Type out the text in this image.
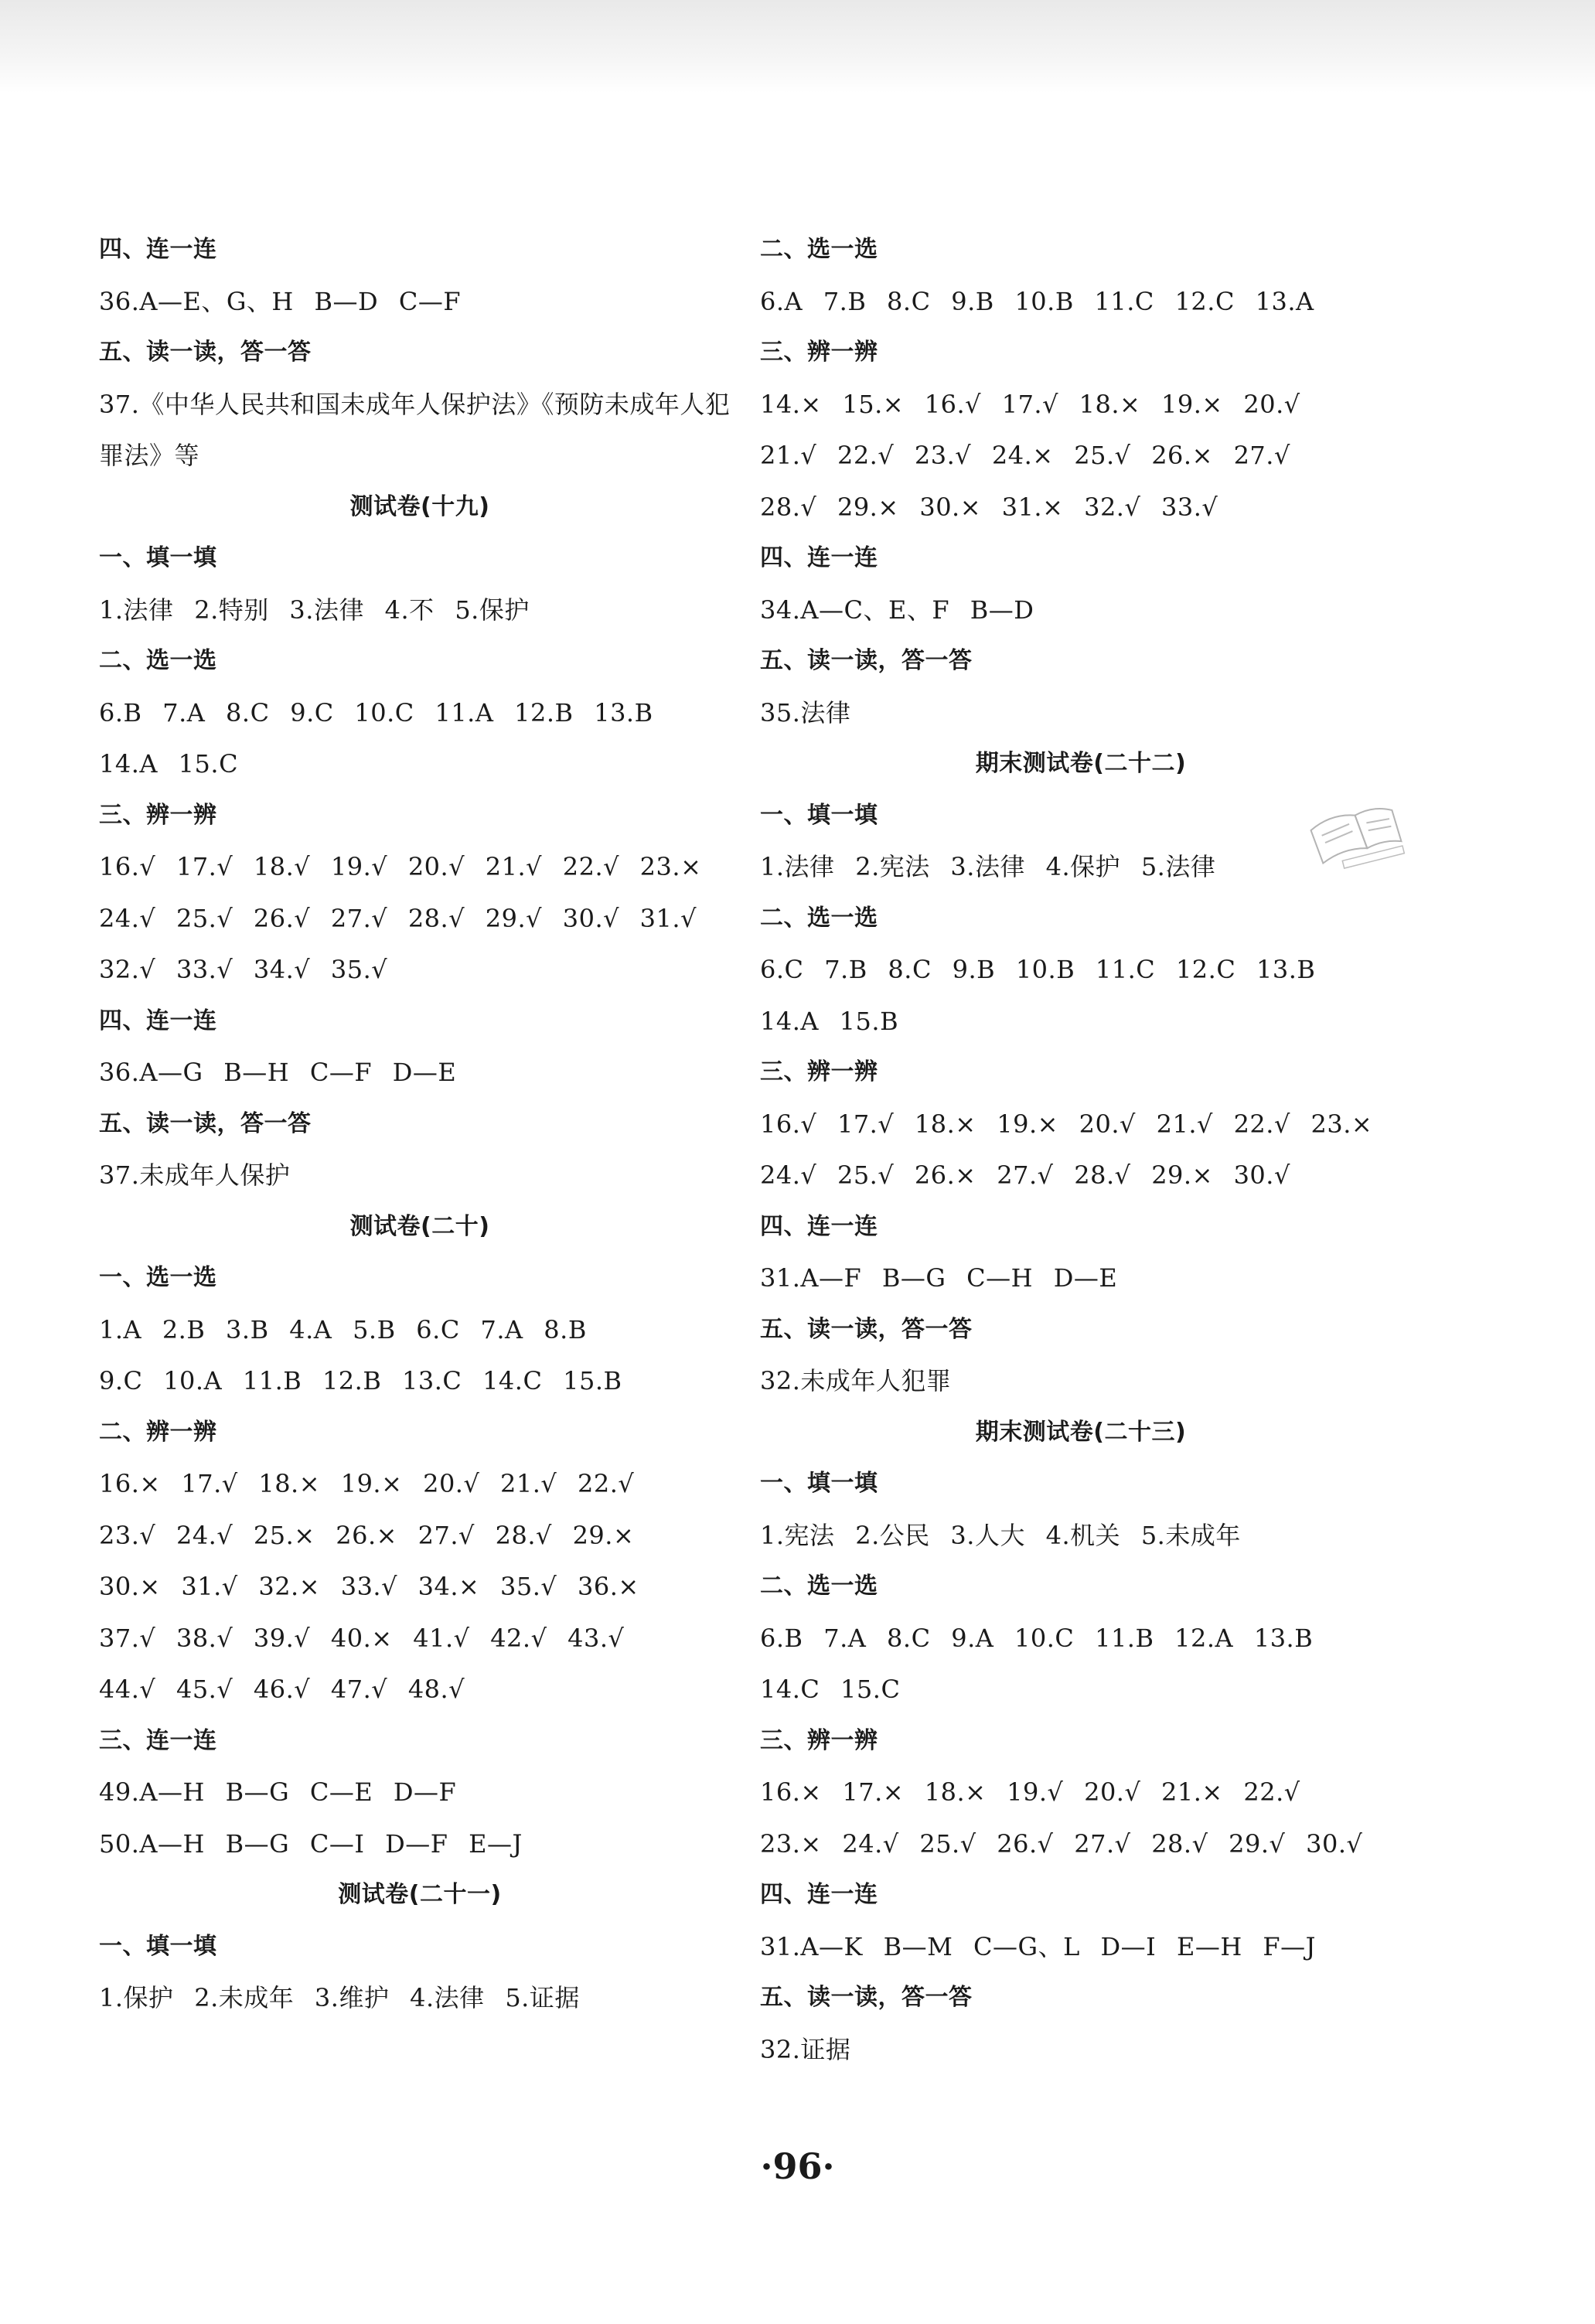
四、连一连
36.A—E、G、H B—D C—F
五、读一读，答一答
37.《中华人民共和国未成年人保护法》《预防未成年人犯罪法》等
测试卷(十九)
一、填一填
1.法律 2.特别 3.法律 4.不 5.保护
二、选一选
6.B 7.A 8.C 9.C 10.C 11.A 12.B 13.B
14.A 15.C
三、辨一辨
16.√ 17.√ 18.√ 19.√ 20.√ 21.√ 22.√ 23.×
24.√ 25.√ 26.√ 27.√ 28.√ 29.√ 30.√ 31.√
32.√ 33.√ 34.√ 35.√
四、连一连
36.A—G B—H C—F D—E
五、读一读，答一答
37.未成年人保护
测试卷(二十)
一、选一选
1.A 2.B 3.B 4.A 5.B 6.C 7.A 8.B
9.C 10.A 11.B 12.B 13.C 14.C 15.B
二、辨一辨
16.× 17.√ 18.× 19.× 20.√ 21.√ 22.√
23.√ 24.√ 25.× 26.× 27.√ 28.√ 29.×
30.× 31.√ 32.× 33.√ 34.× 35.√ 36.×
37.√ 38.√ 39.√ 40.× 41.√ 42.√ 43.√
44.√ 45.√ 46.√ 47.√ 48.√
三、连一连
49.A—H B—G C—E D—F
50.A—H B—G C—I D—F E—J
测试卷(二十一)
一、填一填
1.保护 2.未成年 3.维护 4.法律 5.证据
二、选一选
6.A 7.B 8.C 9.B 10.B 11.C 12.C 13.A
三、辨一辨
14.× 15.× 16.√ 17.√ 18.× 19.× 20.√
21.√ 22.√ 23.√ 24.× 25.√ 26.× 27.√
28.√ 29.× 30.× 31.× 32.√ 33.√
四、连一连
34.A—C、E、F B—D
五、读一读，答一答
35.法律
期末测试卷(二十二)
一、填一填
1.法律 2.宪法 3.法律 4.保护 5.法律
二、选一选
6.C 7.B 8.C 9.B 10.B 11.C 12.C 13.B
14.A 15.B
三、辨一辨
16.√ 17.√ 18.× 19.× 20.√ 21.√ 22.√ 23.×
24.√ 25.√ 26.× 27.√ 28.√ 29.× 30.√
四、连一连
31.A—F B—G C—H D—E
五、读一读，答一答
32.未成年人犯罪
期末测试卷(二十三)
一、填一填
1.宪法 2.公民 3.人大 4.机关 5.未成年
二、选一选
6.B 7.A 8.C 9.A 10.C 11.B 12.A 13.B
14.C 15.C
三、辨一辨
16.× 17.× 18.× 19.√ 20.√ 21.× 22.√
23.× 24.√ 25.√ 26.√ 27.√ 28.√ 29.√ 30.√
四、连一连
31.A—K B—M C—G、L D—I E—H F—J
五、读一读，答一答
32.证据
·96·
